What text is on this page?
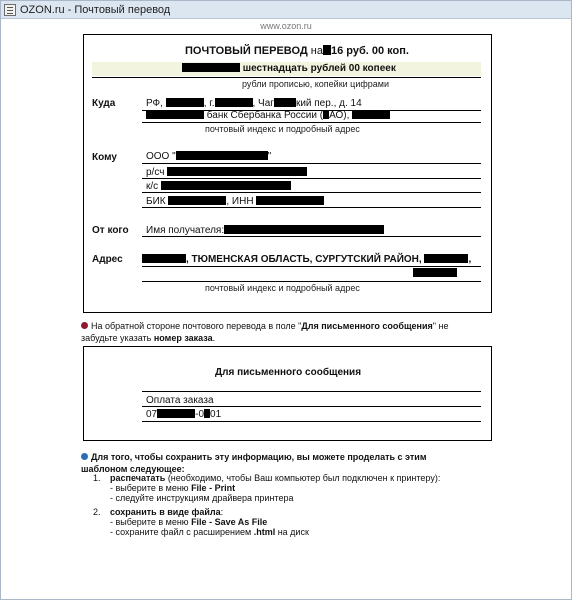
OZON.ru - Почтовый перевод
www.ozon.ru
ПОЧТОВЫЙ ПЕРЕВОД на 16 руб. 00 коп.
шестнадцать рублей 00 копеек
рубли прописью, копейки цифрами
Куда	РФ,	, г.	, Чаг кий пер., д. 14
банк Сбербанка России ( АО),
почтовый индекс и подробный адрес
Кому	ООО "	"
р/сч
к/с
БИК	, ИНН
От кого Имя получателя:
Адрес	, ТЮМЕНСКАЯ ОБЛАСТЬ, СУРГУТСКИЙ РАЙОН,	,
почтовый индекс и подробный адрес
На обратной стороне почтового перевода в поле "Для письменного сообщения" не
забудьте указать номер заказа.
Для письменного сообщения
Оплата заказа
07	-0 01
Для того, чтобы сохранить эту информацию, вы можете проделать с этим
шаблоном следующее:
1. распечатать (необходимо, чтобы Ваш компьютер был подключен к принтеру):
- выберите в меню File - Print
- следуйте инструкциям драйвера принтера
2. сохранить в виде файла:
- выберите в меню File - Save As File
- сохраните файл с расширением .html на диск
